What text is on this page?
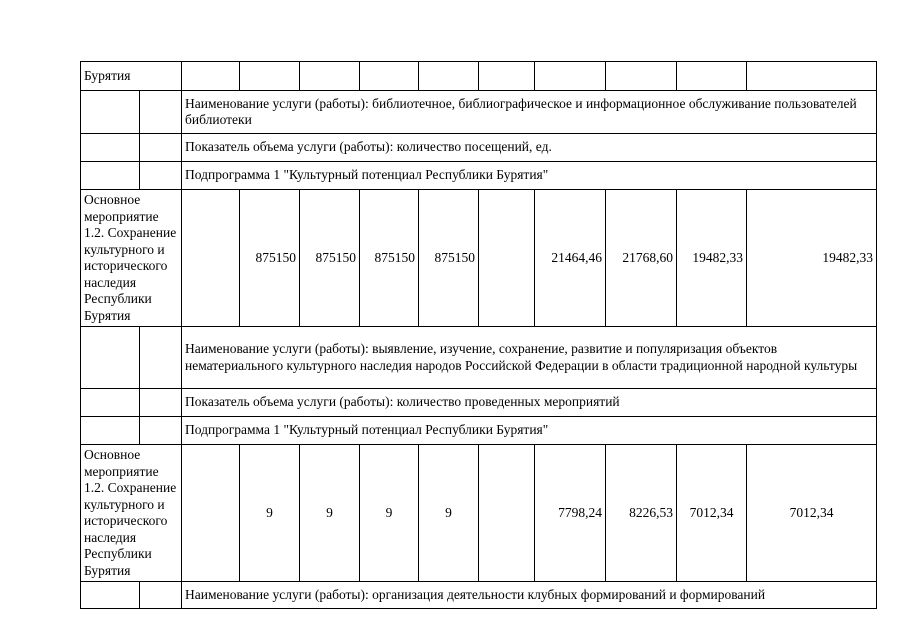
Бурятия											
		Наименование услуги (работы): библиотечное, библиографическое и информационное обслуживание пользователей библиотеки									
		Показатель объема услуги (работы): количество посещений, ед.									
		Подпрограмма 1 "Культурный потенциал Республики Бурятия"									
Основное мероприятие 1.2. Сохранение культурного и исторического наследия Республики Бурятия			875150	875150	875150	875150		21464,46	21768,60	19482,33	19482,33
		Наименование услуги (работы): выявление, изучение, сохранение, развитие и популяризация объектов нематериального культурного наследия народов Российской Федерации в области традиционной народной культуры									
		Показатель объема услуги (работы): количество проведенных мероприятий									
		Подпрограмма 1 "Культурный потенциал Республики Бурятия"									
Основное мероприятие 1.2. Сохранение культурного и исторического наследия Республики Бурятия			9	9	9	9		7798,24	8226,53	7012,34	7012,34
		Наименование услуги (работы): организация деятельности клубных формирований и формирований									
